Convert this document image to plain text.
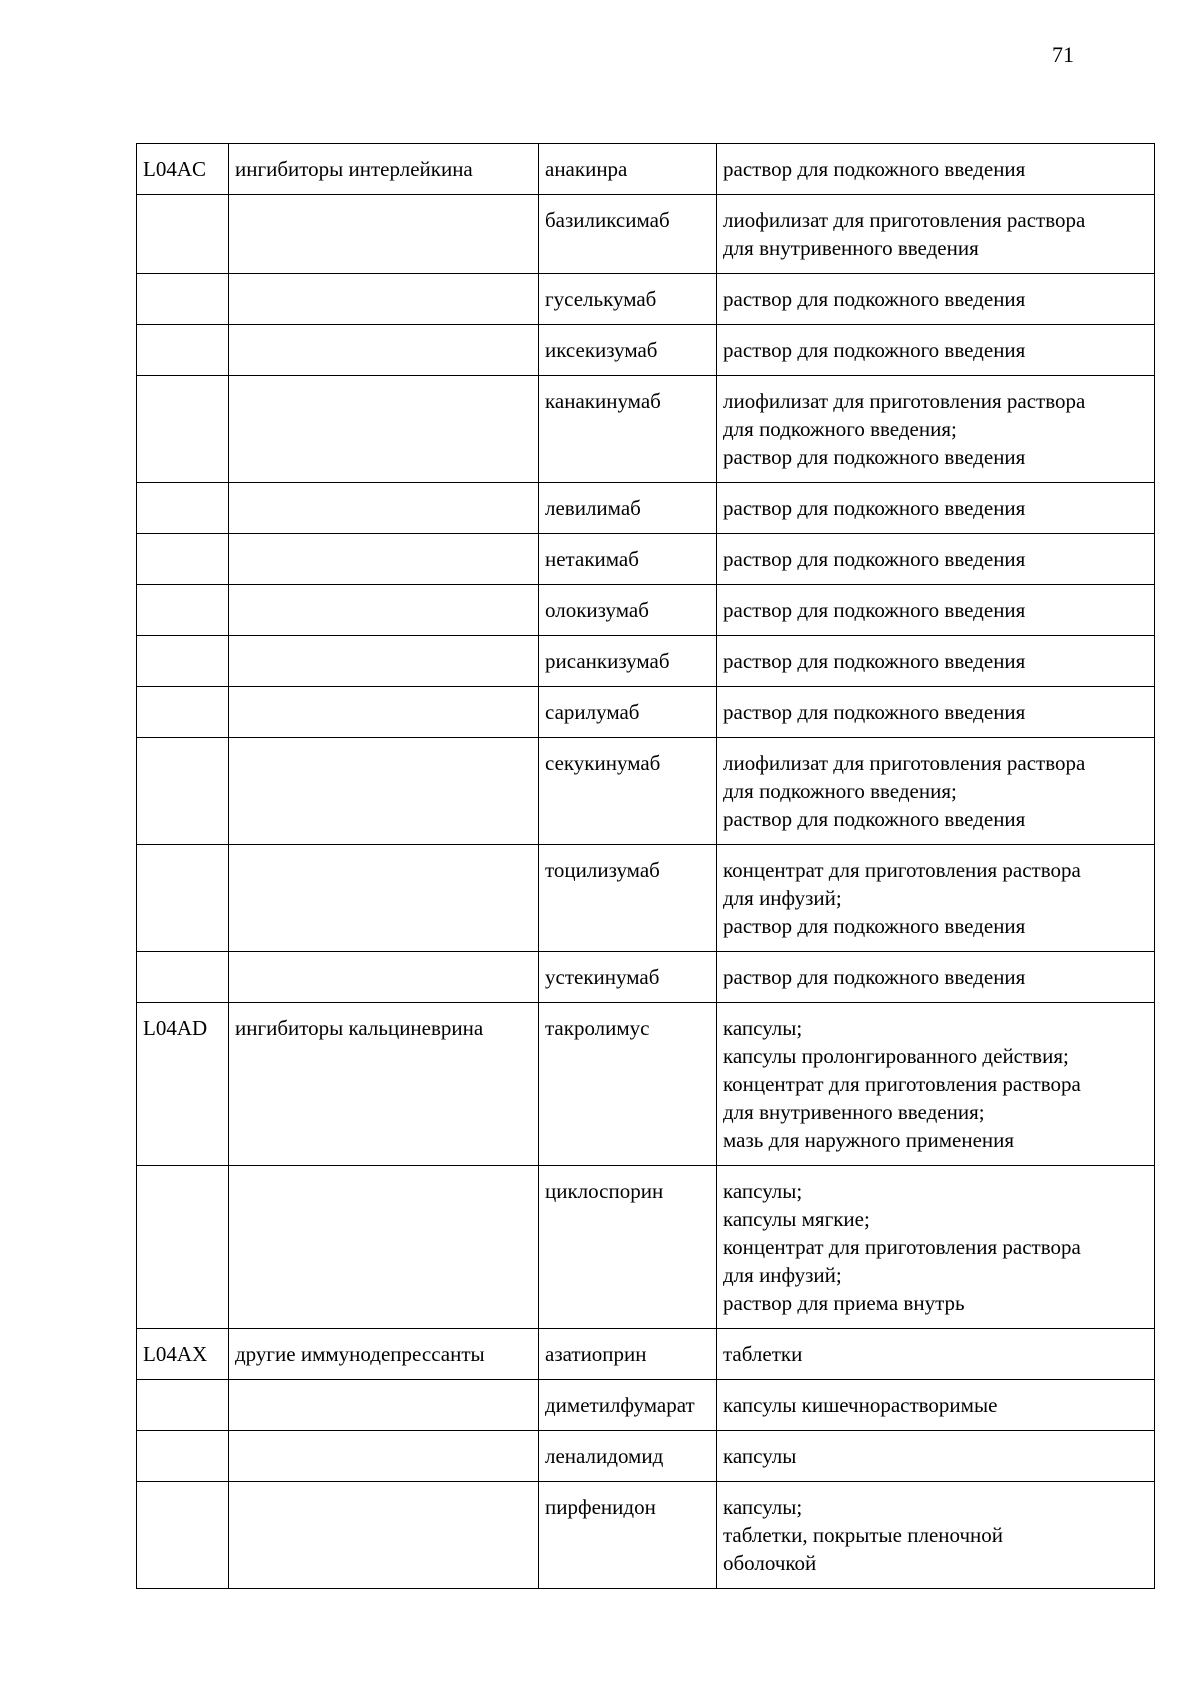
71
L04AC	ингибиторы интерлейкина	анакинра	раствор для подкожного введения
		базиликсимаб	лиофилизат для приготовления раствора
для внутривенного введения
		гуселькумаб	раствор для подкожного введения
		иксекизумаб	раствор для подкожного введения
		канакинумаб	лиофилизат для приготовления раствора
для подкожного введения;
раствор для подкожного введения
		левилимаб	раствор для подкожного введения
		нетакимаб	раствор для подкожного введения
		олокизумаб	раствор для подкожного введения
		рисанкизумаб	раствор для подкожного введения
		сарилумаб	раствор для подкожного введения
		секукинумаб	лиофилизат для приготовления раствора
для подкожного введения;
раствор для подкожного введения
		тоцилизумаб	концентрат для приготовления раствора
для инфузий;
раствор для подкожного введения
		устекинумаб	раствор для подкожного введения
L04AD	ингибиторы кальциневрина	такролимус	капсулы;
капсулы пролонгированного действия;
концентрат для приготовления раствора
для внутривенного введения;
мазь для наружного применения
		циклоспорин	капсулы;
капсулы мягкие;
концентрат для приготовления раствора
для инфузий;
раствор для приема внутрь
L04AX	другие иммунодепрессанты	азатиоприн	таблетки
		диметилфумарат	капсулы кишечнорастворимые
		леналидомид	капсулы
		пирфенидон	капсулы;
таблетки, покрытые пленочной
оболочкой
